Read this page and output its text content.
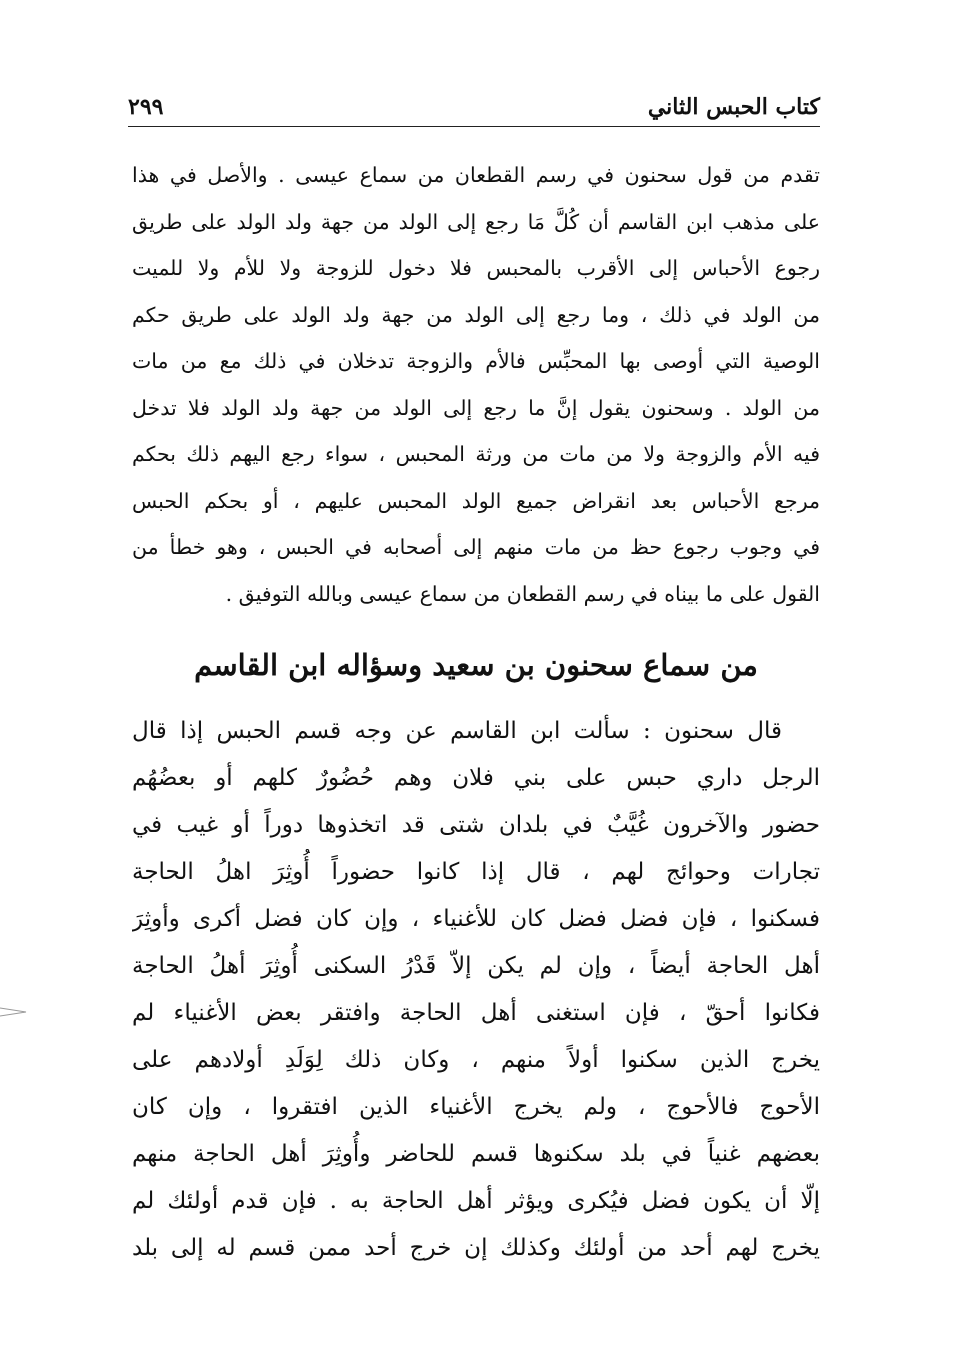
كتاب الحبس الثاني
٢٩٩
تقدم من قول سحنون في رسم القطعان من سماع عيسى . والأصل في هذا
على مذهب ابن القاسم أن كُلَّ مَا رجع إلى الولد من جهة ولد الولد على طريق
رجوع الأحباس إلى الأقرب بالمحبس فلا دخول للزوجة ولا للأم ولا للميت
من الولد في ذلك ، وما رجع إلى الولد من جهة ولد الولد على طريق حكم
الوصية التي أوصى بها المحبِّس فالأم والزوجة تدخلان في ذلك مع من مات
من الولد . وسحنون يقول إنَّ ما رجع إلى الولد من جهة ولد الولد فلا تدخل
فيه الأم والزوجة ولا من مات من ورثة المحبس ، سواء رجع اليهم ذلك بحكم
مرجع الأحباس بعد انقراض جميع الولد المحبس عليهم ، أو بحكم الحبس
في وجوب رجوع حظ من مات منهم إلى أصحابه في الحبس ، وهو خطأ من
القول على ما بيناه في رسم القطعان من سماع عيسى وبالله التوفيق .
من سماع سحنون بن سعيد وسؤاله ابن القاسم
قال سحنون : سألت ابن القاسم عن وجه قسم الحبس إذا قال
الرجل داري حبس على بني فلان وهم حُضُورٌ كلهم أو بعضُهُم
حضور والآخرون غُيَّبٌ في بلدان شتى قد اتخذوها دوراً أو غيب في
تجارات وحوائج لهم ، قال إذا كانوا حضوراً أُوثِرَ اهلُ الحاجة
فسكنوا ، فإن فضل فضل كان للأغنياء ، وإن كان فضل أكرى وأوثِرَ
أهل الحاجة أيضاً ، وإن لم يكن إلاّ قَدْرُ السكنى أُوثِرَ أهلُ الحاجة
فكانوا أحقّ ، فإن استغنى أهل الحاجة وافتقر بعض الأغنياء لم
يخرج الذين سكنوا أولاً منهم ، وكان ذلك لِوَلَدِ أولادهم على
الأحوج فالأحوج ، ولم يخرج الأغنياء الذين افتقروا ، وإن كان
بعضهم غنياً في بلد سكنوها قسم للحاضر وأُوثِرَ أهل الحاجة منهم
إلّا أن يكون فضل فيُكرى ويؤثر أهل الحاجة به . فإن قدم أولئك لم
يخرج لهم أحد من أولئك وكذلك إن خرج أحد ممن قسم له إلى بلد
